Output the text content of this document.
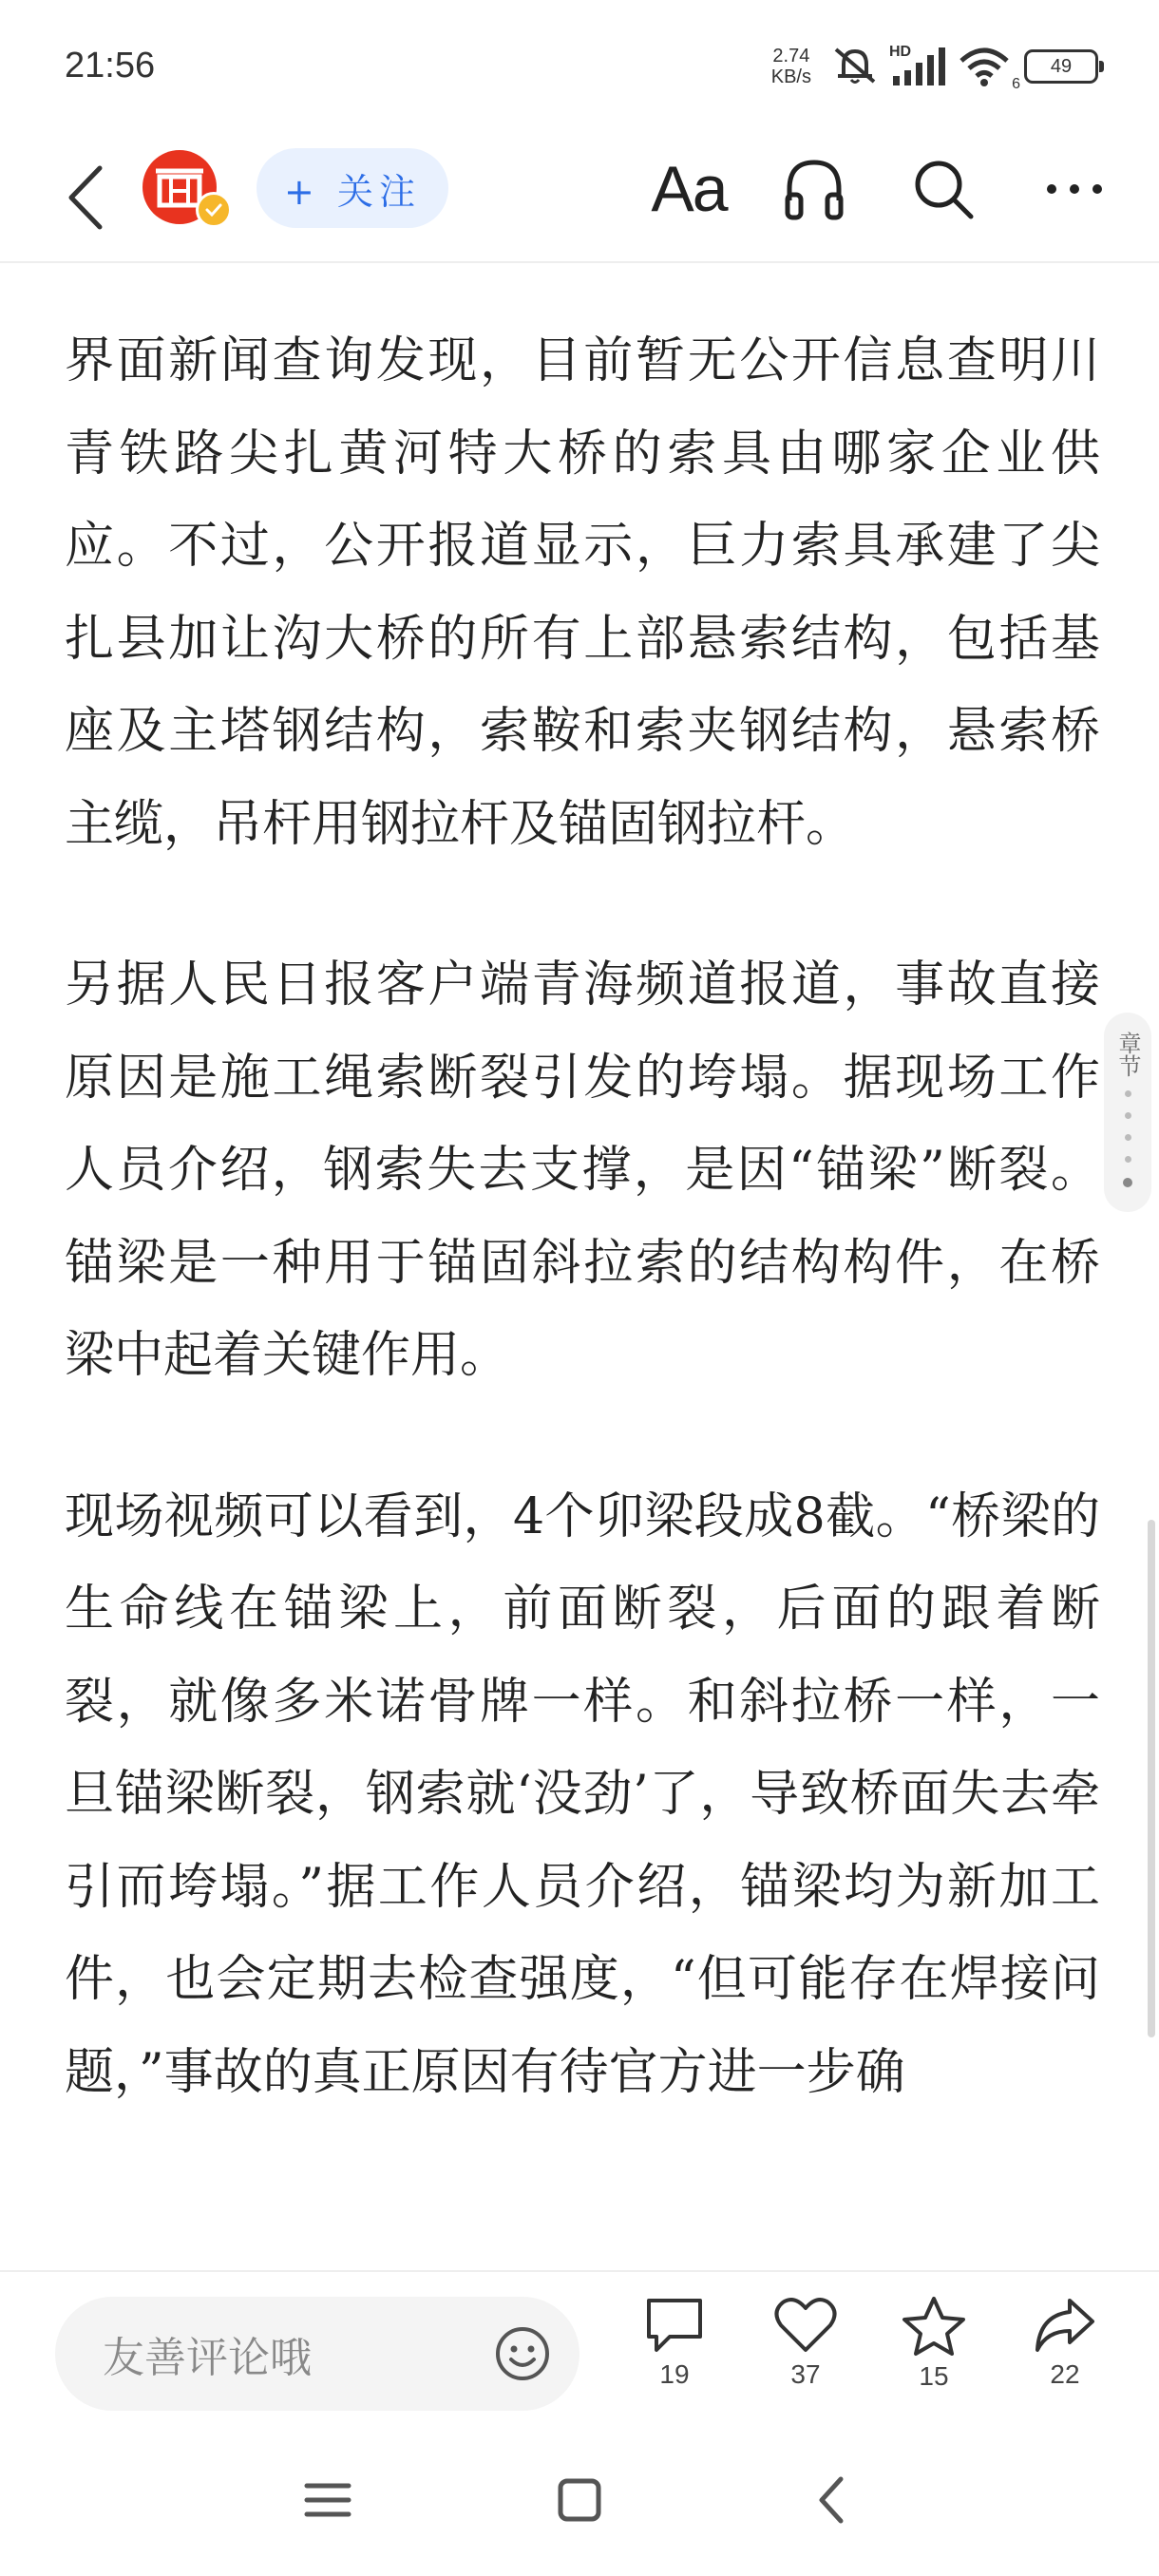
21:56	2.74
KB/s
HD
6
49
+ 关注	Aa

界面新闻查询发现，目前暂无公开信息查明川青铁路尖扎黄河特大桥的索具由哪家企业供应。不过，公开报道显示，巨力索具承建了尖扎县加让沟大桥的所有上部悬索结构，包括基座及主塔钢结构，索鞍和索夹钢结构，悬索桥主缆，吊杆用钢拉杆及锚固钢拉杆。

另据人民日报客户端青海频道报道，事故直接原因是施工绳索断裂引发的垮塌。据现场工作人员介绍，钢索失去支撑，是因“锚梁”断裂。锚梁是一种用于锚固斜拉索的结构构件，在桥梁中起着关键作用。

现场视频可以看到，4个卯梁段成8截。“桥梁的生命线在锚梁上，前面断裂，后面的跟着断裂，就像多米诺骨牌一样。和斜拉桥一样，一旦锚梁断裂，钢索就‘没劲’了，导致桥面失去牵引而垮塌。”据工作人员介绍，锚梁均为新加工件，也会定期去检查强度，“但可能存在焊接问题，”事故的真正原因有待官方进一步确

章节
友善评论哦	19	37	15	22
